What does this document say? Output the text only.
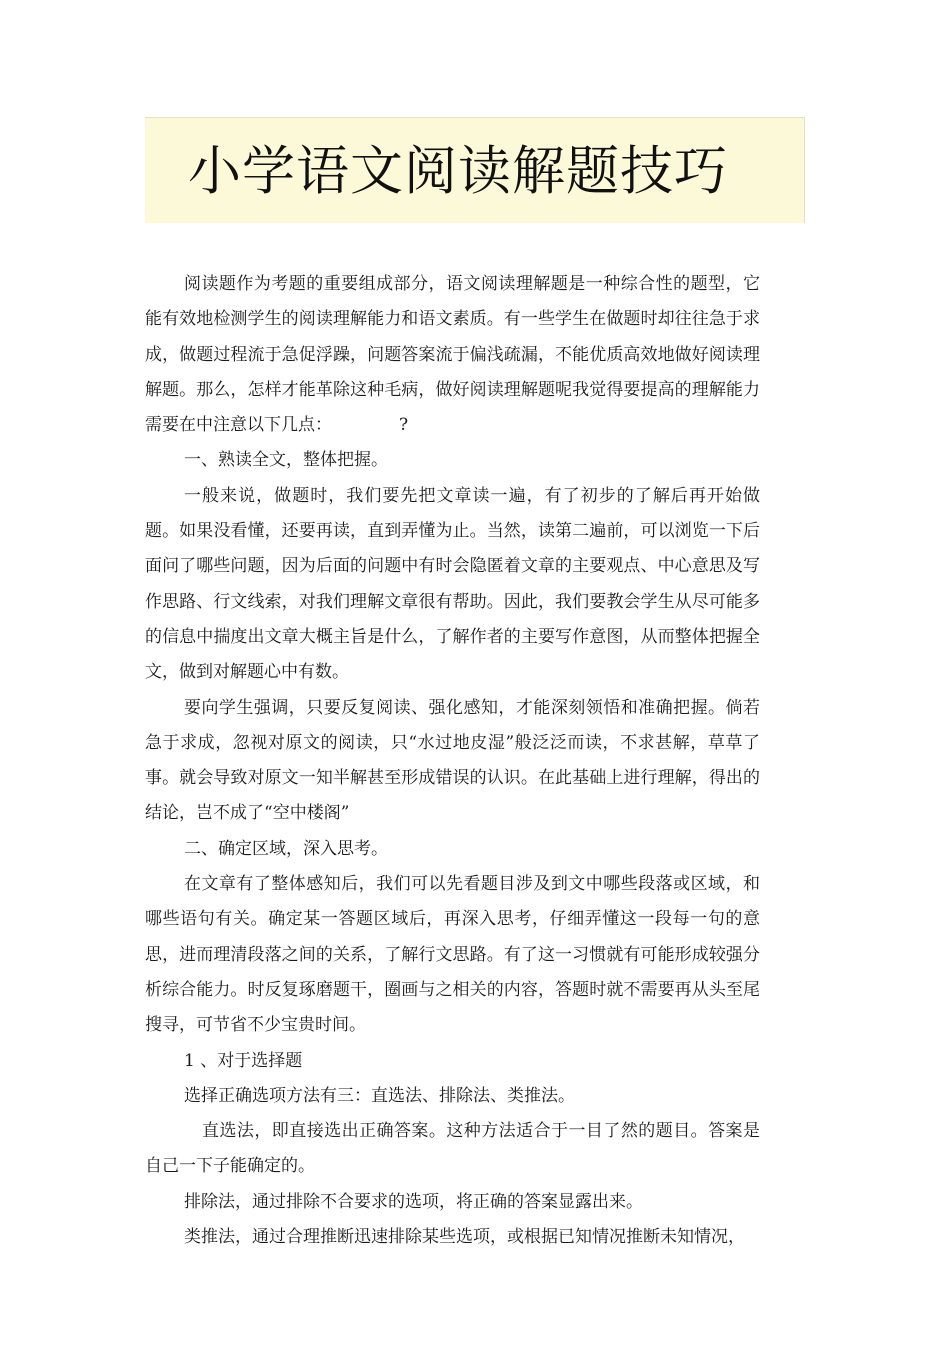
小学语文阅读解题技巧

阅读题作为考题的重要组成部分，语文阅读理解题是一种综合性的题型，它能有效地检测学生的阅读理解能力和语文素质。有一些学生在做题时却往往急于求成，做题过程流于急促浮躁，问题答案流于偏浅疏漏，不能优质高效地做好阅读理解题。那么，怎样才能革除这种毛病，做好阅读理解题呢我觉得要提高的理解能力需要在中注意以下几点：	?

一、熟读全文，整体把握。

一般来说，做题时，我们要先把文章读一遍，有了初步的了解后再开始做题。如果没看懂，还要再读，直到弄懂为止。当然，读第二遍前，可以浏览一下后面问了哪些问题，因为后面的问题中有时会隐匿着文章的主要观点、中心意思及写作思路、行文线索，对我们理解文章很有帮助。因此，我们要教会学生从尽可能多的信息中揣度出文章大概主旨是什么，了解作者的主要写作意图，从而整体把握全文，做到对解题心中有数。

要向学生强调，只要反复阅读、强化感知，才能深刻领悟和准确把握。倘若急于求成，忽视对原文的阅读，只“水过地皮湿”般泛泛而读，不求甚解，草草了事。就会导致对原文一知半解甚至形成错误的认识。在此基础上进行理解，得出的结论，岂不成了“空中楼阁”

二、确定区域，深入思考。

在文章有了整体感知后，我们可以先看题目涉及到文中哪些段落或区域，和哪些语句有关。确定某一答题区域后，再深入思考，仔细弄懂这一段每一句的意思，进而理清段落之间的关系，了解行文思路。有了这一习惯就有可能形成较强分析综合能力。时反复琢磨题干，圈画与之相关的内容，答题时就不需要再从头至尾搜寻，可节省不少宝贵时间。

1 、对于选择题

选择正确选项方法有三：直选法、排除法、类推法。

直选法，即直接选出正确答案。这种方法适合于一目了然的题目。答案是自己一下子能确定的。

排除法，通过排除不合要求的选项，将正确的答案显露出来。

类推法，通过合理推断迅速排除某些选项，或根据已知情况推断未知情况，
